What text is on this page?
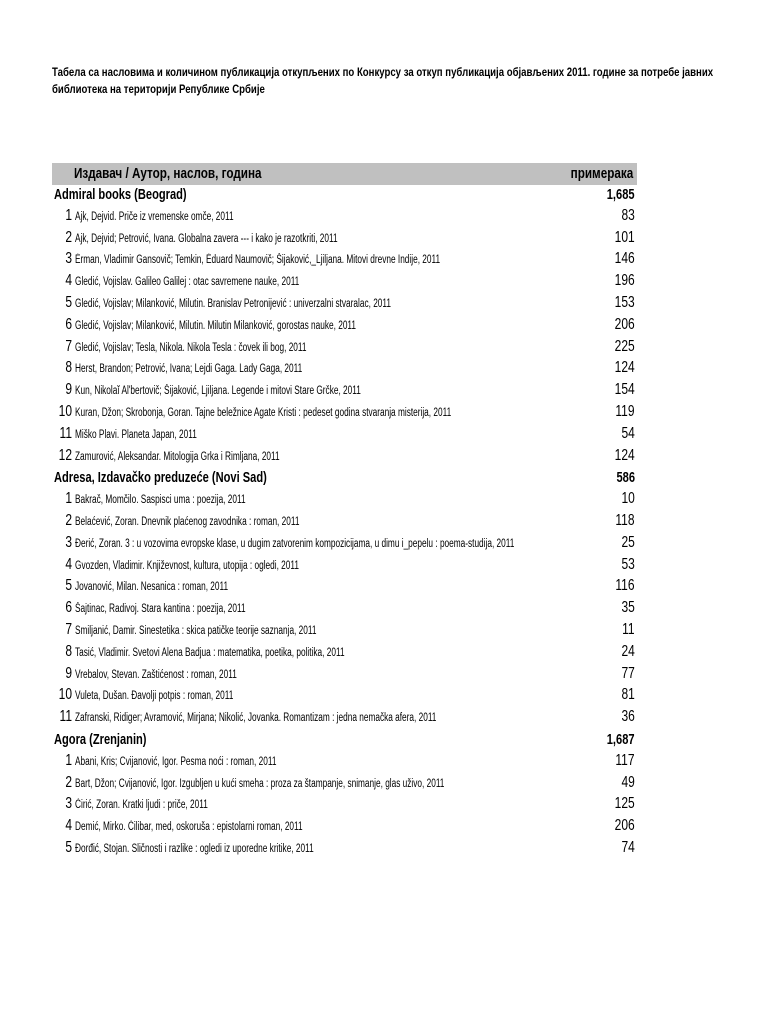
Табела са насловима и количином публикација откупљених по Конкурсу за откуп публикација објављених 2011. године за потребе јавних
библиотека на територији Републике Србије
Издавач / Аутор, наслов, година	примерака
Admiral books (Beograd)	1,685
1 Ajk, Dejvid. Priče iz vremenske omče, 2011	83
2 Ajk, Dejvid; Petrović, Ivana. Globalna zavera --- i kako je razotkriti, 2011	101
3 Ėrman, Vladimir Gansovič; Temkin, Ėduard Naumovič; Šijaković,_Ljiljana. Mitovi drevne Indije, 2011	146
4 Gledić, Vojislav. Galileo Galilej : otac savremene nauke, 2011	196
5 Gledić, Vojislav; Milanković, Milutin. Branislav Petronijević : univerzalni stvaralac, 2011	153
6 Gledić, Vojislav; Milanković, Milutin. Milutin Milanković, gorostas nauke, 2011	206
7 Gledić, Vojislav; Tesla, Nikola. Nikola Tesla : čovek ili bog, 2011	225
8 Herst, Brandon; Petrović, Ivana; Lejdi Gaga. Lady Gaga, 2011	124
9 Kun, Nikolaĭ Al'bertovič; Šijaković, Ljiljana. Legende i mitovi Stare Grčke, 2011	154
10 Kuran, Džon; Skrobonja, Goran. Tajne beležnice Agate Kristi : pedeset godina stvaranja misterija, 2011	119
11 Miško Plavi. Planeta Japan, 2011	54
12 Zamurović, Aleksandar. Mitologija Grka i Rimljana, 2011	124
Adresa, Izdavačko preduzeće (Novi Sad)	586
1 Bakrač, Momčilo. Saspisci uma : poezija, 2011	10
2 Belaćević, Zoran. Dnevnik plaćenog zavodnika : roman, 2011	118
3 Đerić, Zoran. 3 : u vozovima evropske klase, u dugim zatvorenim kompozicijama, u dimu i_pepelu : poema-studija, 2011	25
4 Gvozden, Vladimir. Književnost, kultura, utopija : ogledi, 2011	53
5 Jovanović, Milan. Nesanica : roman, 2011	116
6 Šajtinac, Radivoj. Stara kantina : poezija, 2011	35
7 Smiljanić, Damir. Sinestetika : skica patičke teorije saznanja, 2011	11
8 Tasić, Vladimir. Svetovi Alena Badjua : matematika, poetika, politika, 2011	24
9 Vrebalov, Stevan. Zaštićenost : roman, 2011	77
10 Vuleta, Dušan. Đavolji potpis : roman, 2011	81
11 Zafranski, Ridiger; Avramović, Mirjana; Nikolić, Jovanka. Romantizam : jedna nemačka afera, 2011	36
Agora (Zrenjanin)	1,687
1 Abani, Kris; Cvijanović, Igor. Pesma noći : roman, 2011	117
2 Bart, Džon; Cvijanović, Igor. Izgubljen u kući smeha : proza za štampanje, snimanje, glas uživo, 2011	49
3 Ćirić, Zoran. Kratki ljudi : priče, 2011	125
4 Demić, Mirko. Ćilibar, med, oskoruša : epistolarni roman, 2011	206
5 Đorđić, Stojan. Sličnosti i razlike : ogledi iz uporedne kritike, 2011	74
